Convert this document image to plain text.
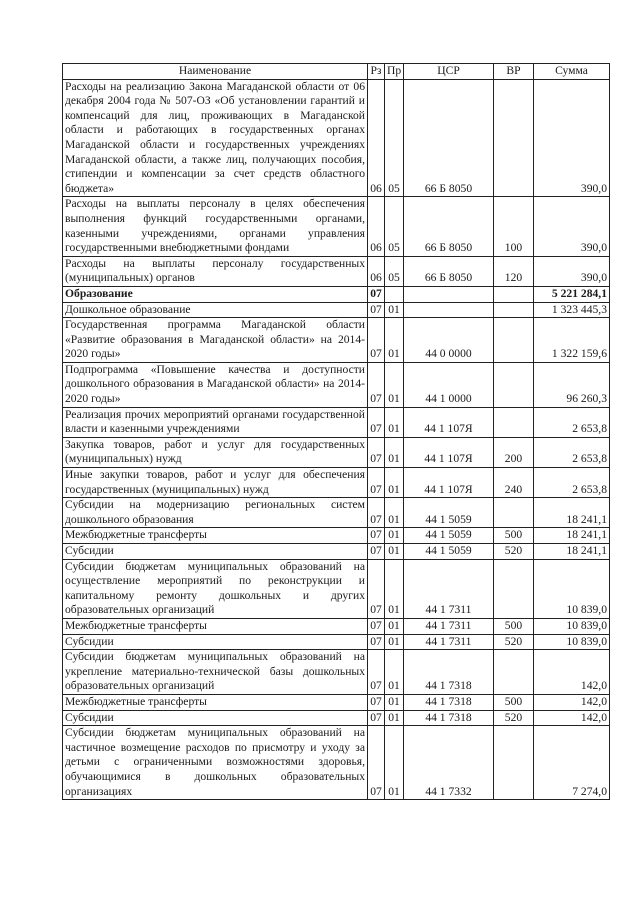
Наименование	Рз	Пр	ЦСР	ВР	Сумма
Расходы на реализацию Закона Магаданской области от 06 декабря 2004 года № 507-ОЗ «Об установлении гарантий и компенсаций для лиц, проживающих в Магаданской области и работающих в государственных органах Магаданской области и государственных учреждениях Магаданской области, а также лиц, получающих пособия, стипендии и компенсации за счет средств областного бюджета»	06	05	66 Б 8050		390,0
Расходы на выплаты персоналу в целях обеспечения выполнения функций государственными органами, казенными учреждениями, органами управления государственными внебюджетными фондами	06	05	66 Б 8050	100	390,0
Расходы на выплаты персоналу государственных (муниципальных) органов	06	05	66 Б 8050	120	390,0
Образование	07				5 221 284,1
Дошкольное образование	07	01			1 323 445,3
Государственная программа Магаданской области «Развитие образования в Магаданской области» на 2014-2020 годы»	07	01	44 0 0000		1 322 159,6
Подпрограмма «Повышение качества и доступности дошкольного образования в Магаданской области» на 2014-2020 годы»	07	01	44 1 0000		96 260,3
Реализация прочих мероприятий органами государственной власти и казенными учреждениями	07	01	44 1 107Я		2 653,8
Закупка товаров, работ и услуг для государственных (муниципальных) нужд	07	01	44 1 107Я	200	2 653,8
Иные закупки товаров, работ и услуг для обеспечения государственных (муниципальных) нужд	07	01	44 1 107Я	240	2 653,8
Субсидии на модернизацию региональных систем дошкольного образования	07	01	44 1 5059		18 241,1
Межбюджетные трансферты	07	01	44 1 5059	500	18 241,1
Субсидии	07	01	44 1 5059	520	18 241,1
Субсидии бюджетам муниципальных образований на осуществление мероприятий по реконструкции и капитальному ремонту дошкольных и других образовательных организаций	07	01	44 1 7311		10 839,0
Межбюджетные трансферты	07	01	44 1 7311	500	10 839,0
Субсидии	07	01	44 1 7311	520	10 839,0
Субсидии бюджетам муниципальных образований на укрепление материально-технической базы дошкольных образовательных организаций	07	01	44 1 7318		142,0
Межбюджетные трансферты	07	01	44 1 7318	500	142,0
Субсидии	07	01	44 1 7318	520	142,0
Субсидии бюджетам муниципальных образований на частичное возмещение расходов по присмотру и уходу за детьми с ограниченными возможностями здоровья, обучающимися в дошкольных образовательных организациях	07	01	44 1 7332		7 274,0
